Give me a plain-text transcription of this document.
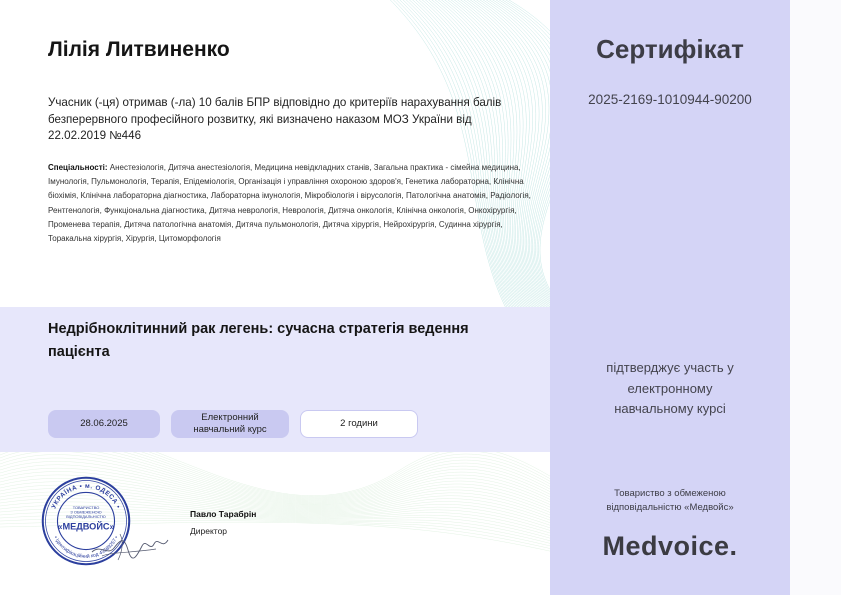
Лілія Литвиненко

Учасник (-ця) отримав (-ла) 10 балів БПР відповідно до критеріїв нарахування балів безперервного професійного розвитку, які визначено наказом МОЗ України від 22.02.2019 №446

Спеціальності: Анестезіологія, Дитяча анестезіологія, Медицина невідкладних станів, Загальна практика - сімейна медицина, Імунологія, Пульмонологія, Терапія, Епідеміологія, Організація і управління охороною здоров'я, Генетика лабораторна, Клінічна біохімія, Клінічна лабораторна діагностика, Лабораторна імунологія, Мікробіологія і вірусологія, Патологічна анатомія, Радіологія, Рентгенологія, Функціональна діагностика, Дитяча неврологія, Неврологія, Дитяча онкологія, Клінічна онкологія, Онкохірургія, Променева терапія, Дитяча патологічна анатомія, Дитяча пульмонологія, Дитяча хірургія, Нейрохірургія, Судинна хірургія, Торакальна хірургія, Хірургія, Цитоморфологія

Недрібноклітинний рак легень: сучасна стратегія ведення пацієнта
28.06.2025
Електронний навчальний курс
2 години
УКРАЇНА • м. ОДЕСА •
• Ідентифікаційний код 43589257 •
ТОВАРИСТВО
З ОБМЕЖЕНОЮ
ВІДПОВІДАЛЬНІСТЮ
«МЕДВОЙС»

Павло Тарабрін

Директор

Сертифікат

2025-2169-1010944-90200

підтверджує участь у електронному навчальному курсі

Товариство з обмеженою відповідальністю «Медвойс»

Medvoice.
